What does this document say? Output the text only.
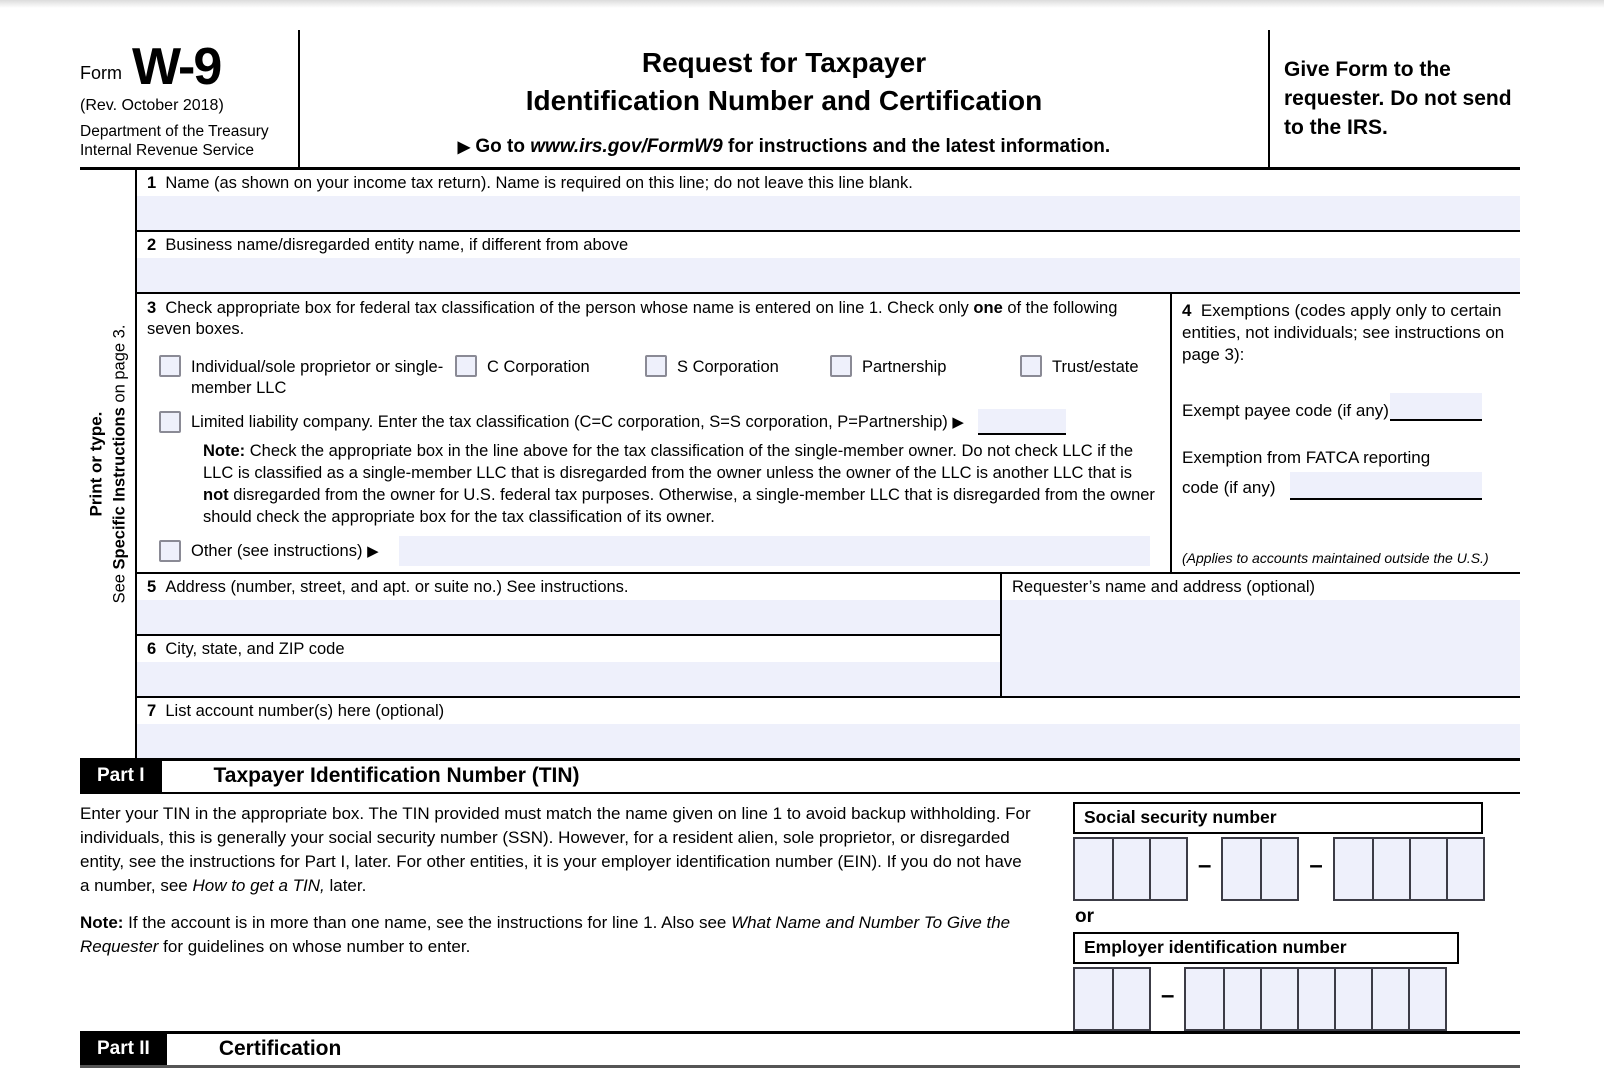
Form W-9
(Rev. October 2018)
Department of the Treasury
Internal Revenue Service
Request for Taxpayer
Identification Number and Certification
▶ Go to www.irs.gov/FormW9 for instructions and the latest information.
Give Form to the requester. Do not send to the IRS.
Print or type.
See Specific Instructions on page 3.
1 Name (as shown on your income tax return). Name is required on this line; do not leave this line blank.
2 Business name/disregarded entity name, if different from above
3 Check appropriate box for federal tax classification of the person whose name is entered on line 1. Check only one of the following seven boxes.
Individual/sole proprietor or single-member LLC
C Corporation	S Corporation	Partnership	Trust/estate
Limited liability company. Enter the tax classification (C=C corporation, S=S corporation, P=Partnership) ▶
Note: Check the appropriate box in the line above for the tax classification of the single-member owner. Do not check LLC if the LLC is classified as a single-member LLC that is disregarded from the owner unless the owner of the LLC is another LLC that is not disregarded from the owner for U.S. federal tax purposes. Otherwise, a single-member LLC that is disregarded from the owner should check the appropriate box for the tax classification of its owner.
Other (see instructions) ▶
4 Exemptions (codes apply only to certain entities, not individuals; see instructions on page 3):
Exempt payee code (if any)
Exemption from FATCA reporting
code (if any)
(Applies to accounts maintained outside the U.S.)
5 Address (number, street, and apt. or suite no.) See instructions.
6 City, state, and ZIP code
Requester’s name and address (optional)
7 List account number(s) here (optional)
Part I	Taxpayer Identification Number (TIN)
Enter your TIN in the appropriate box. The TIN provided must match the name given on line 1 to avoid backup withholding. For individuals, this is generally your social security number (SSN). However, for a resident alien, sole proprietor, or disregarded entity, see the instructions for Part I, later. For other entities, it is your employer identification number (EIN). If you do not have a number, see How to get a TIN, later.
Note: If the account is in more than one name, see the instructions for line 1. Also see What Name and Number To Give the Requester for guidelines on whose number to enter.
Social security number
–	–
or
Employer identification number
–
Part II	Certification
